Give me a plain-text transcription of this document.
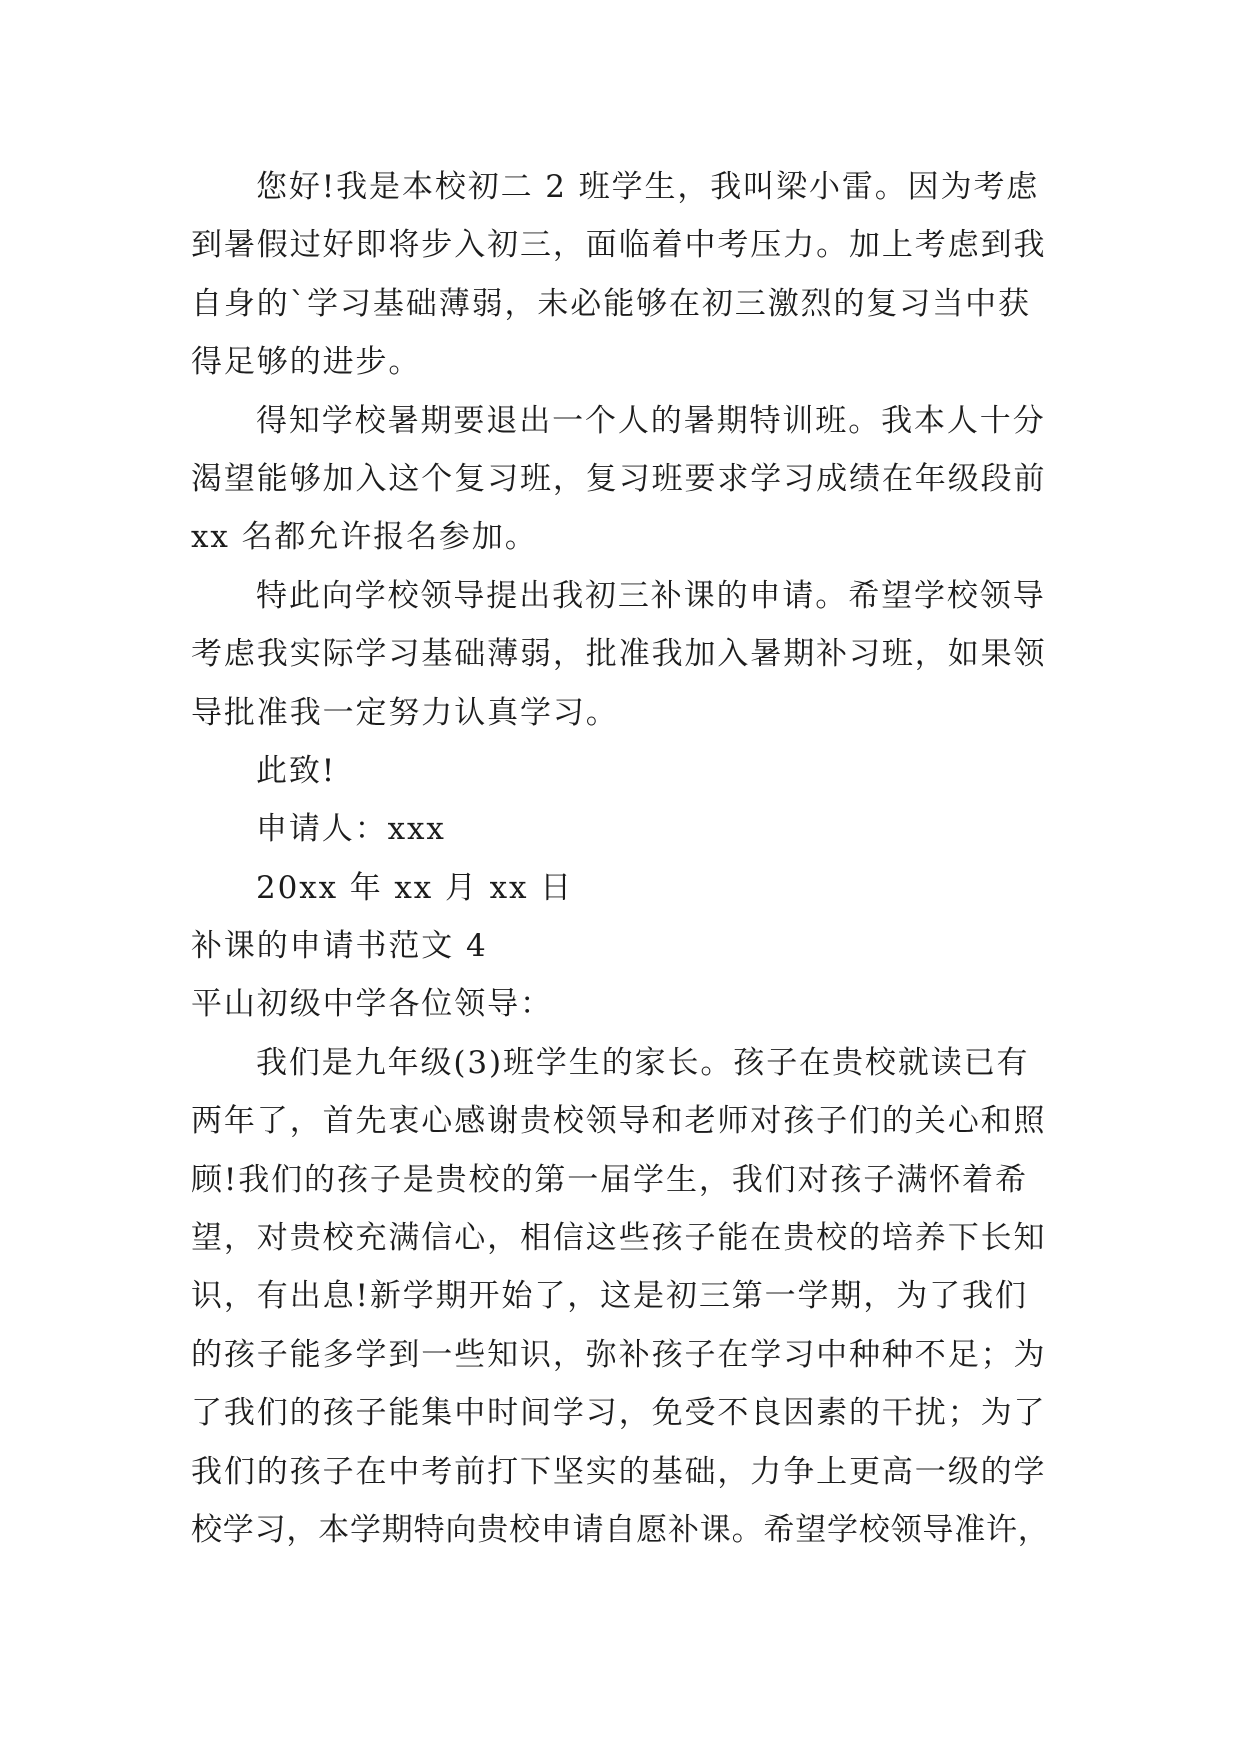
您好!我是本校初二 2 班学生，我叫梁小雷。因为考虑
到暑假过好即将步入初三，面临着中考压力。加上考虑到我
自身的`学习基础薄弱，未必能够在初三激烈的复习当中获
得足够的进步。
得知学校暑期要退出一个人的暑期特训班。我本人十分
渴望能够加入这个复习班，复习班要求学习成绩在年级段前
xx 名都允许报名参加。
特此向学校领导提出我初三补课的申请。希望学校领导
考虑我实际学习基础薄弱，批准我加入暑期补习班，如果领
导批准我一定努力认真学习。
此致!
申请人：xxx
20xx 年 xx 月 xx 日
补课的申请书范文 4
平山初级中学各位领导：
我们是九年级(3)班学生的家长。孩子在贵校就读已有
两年了，首先衷心感谢贵校领导和老师对孩子们的关心和照
顾!我们的孩子是贵校的第一届学生，我们对孩子满怀着希
望，对贵校充满信心，相信这些孩子能在贵校的培养下长知
识，有出息!新学期开始了，这是初三第一学期，为了我们
的孩子能多学到一些知识，弥补孩子在学习中种种不足；为
了我们的孩子能集中时间学习，免受不良因素的干扰；为了
我们的孩子在中考前打下坚实的基础，力争上更高一级的学
校学习，本学期特向贵校申请自愿补课。希望学校领导准许，
